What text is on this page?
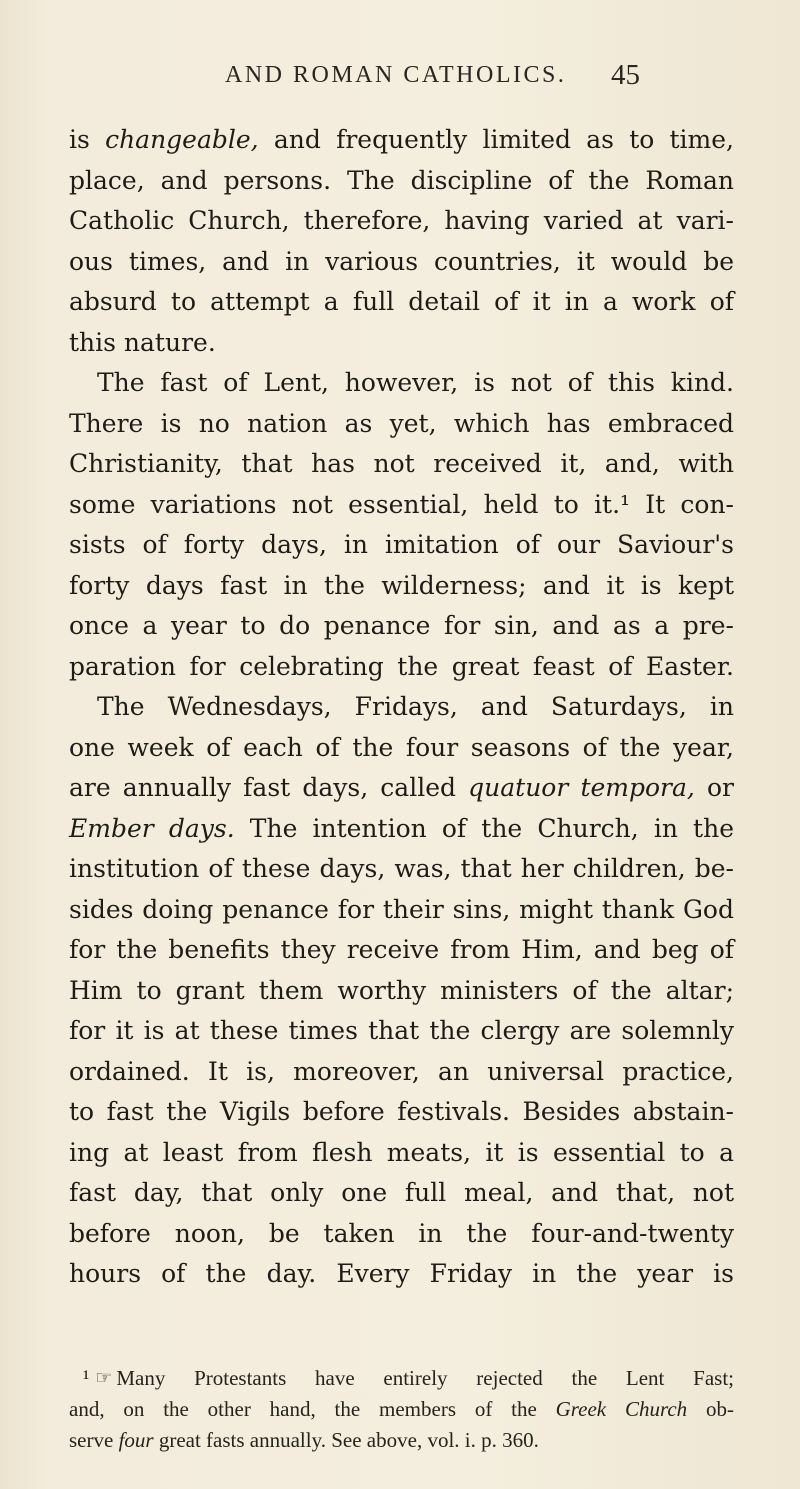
AND ROMAN CATHOLICS. 45
is changeable, and frequently limited as to time,
place, and persons. The discipline of the Roman
Catholic Church, therefore, having varied at vari-
ous times, and in various countries, it would be
absurd to attempt a full detail of it in a work of
this nature.
The fast of Lent, however, is not of this kind.
There is no nation as yet, which has embraced
Christianity, that has not received it, and, with
some variations not essential, held to it.¹ It con-
sists of forty days, in imitation of our Saviour's
forty days fast in the wilderness; and it is kept
once a year to do penance for sin, and as a pre-
paration for celebrating the great feast of Easter.
The Wednesdays, Fridays, and Saturdays, in
one week of each of the four seasons of the year,
are annually fast days, called quatuor tempora, or
Ember days. The intention of the Church, in the
institution of these days, was, that her children, be-
sides doing penance for their sins, might thank God
for the benefits they receive from Him, and beg of
Him to grant them worthy ministers of the altar;
for it is at these times that the clergy are solemnly
ordained. It is, moreover, an universal practice,
to fast the Vigils before festivals. Besides abstain-
ing at least from flesh meats, it is essential to a
fast day, that only one full meal, and that, not
before noon, be taken in the four-and-twenty
hours of the day. Every Friday in the year is
¹ ☞ Many Protestants have entirely rejected the Lent Fast;
and, on the other hand, the members of the Greek Church ob-
serve four great fasts annually. See above, vol. i. p. 360.
